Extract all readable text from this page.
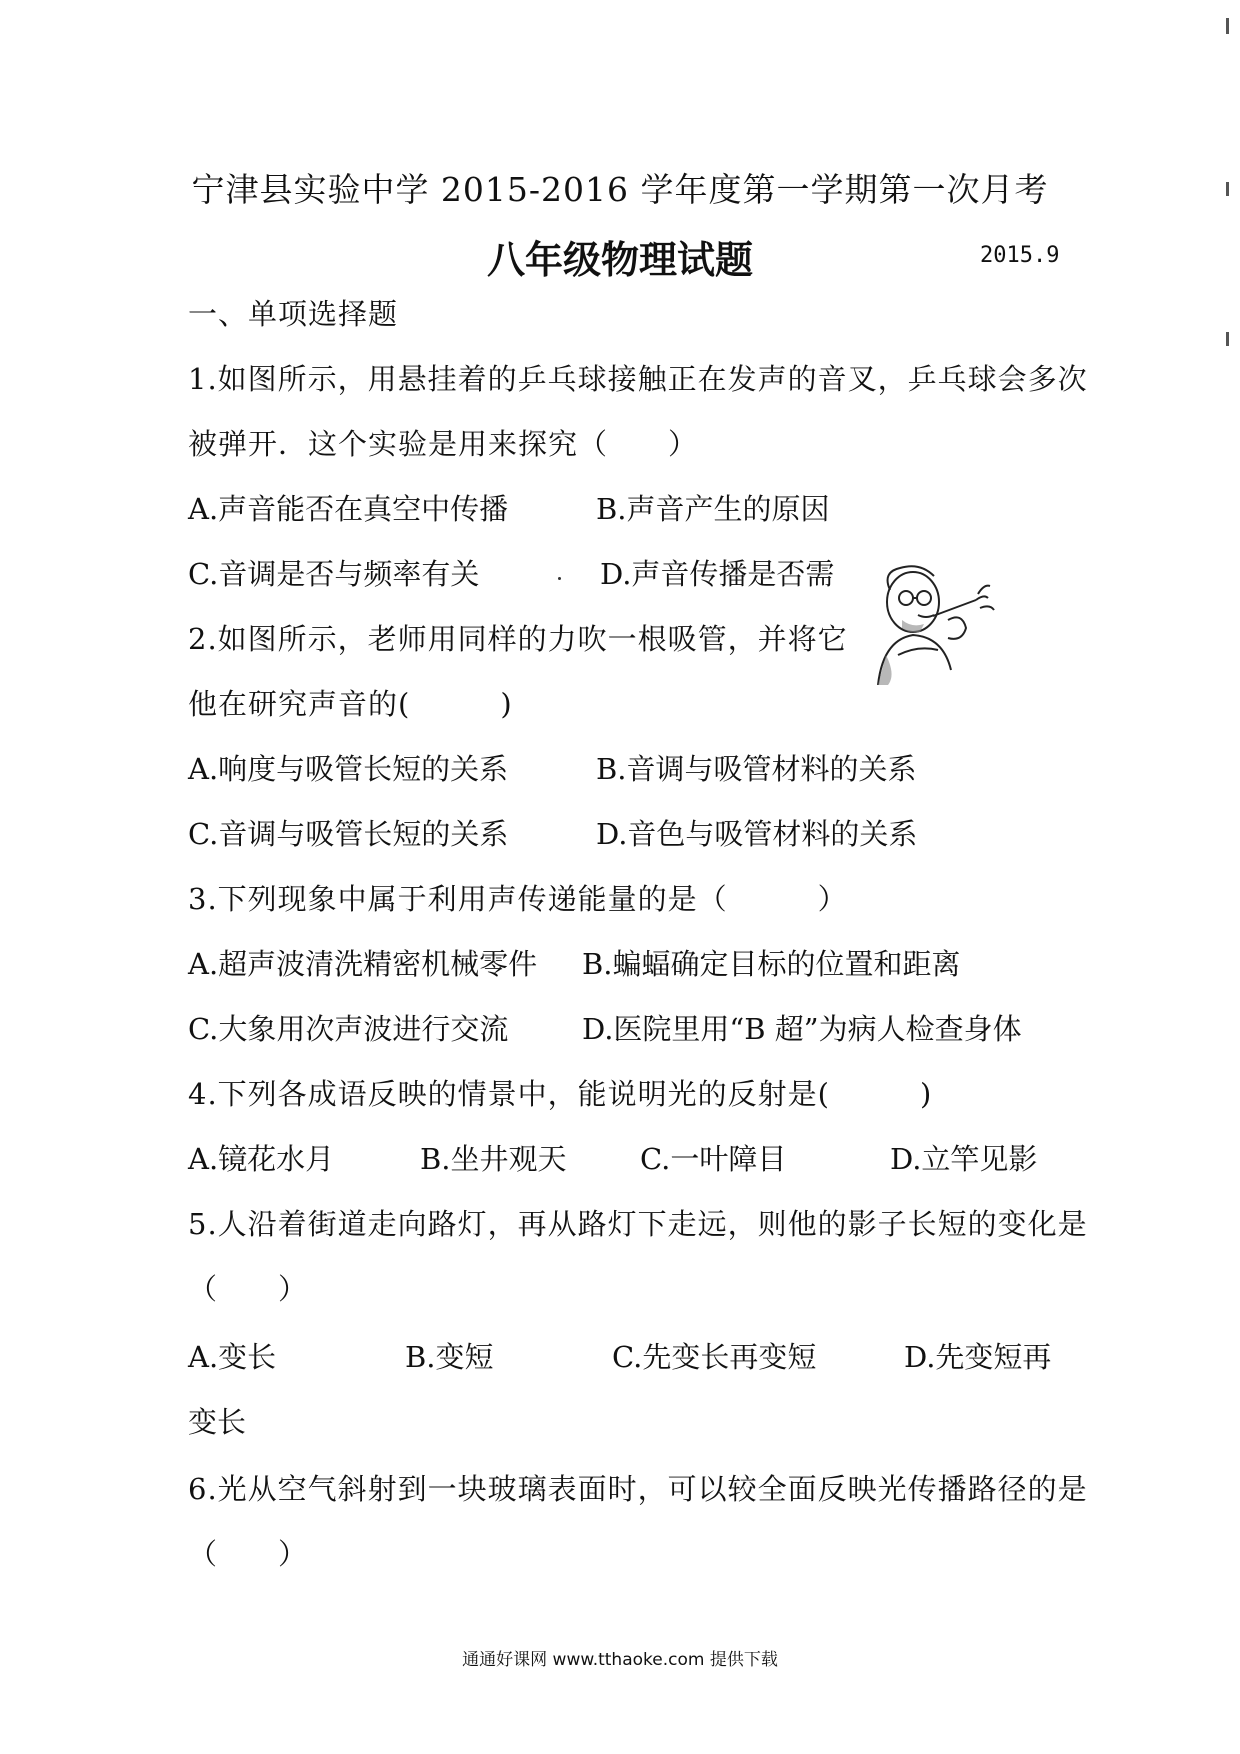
宁津县实验中学 2015-2016 学年度第一学期第一次月考
八年级物理试题	2015.9
一、单项选择题
1.如图所示，用悬挂着的乒乓球接触正在发声的音叉，乒乓球会多次
被弹开．这个实验是用来探究（　　）
A.声音能否在真空中传播	B.声音产生的原因
C.音调是否与频率有关	D.声音传播是否需
2.如图所示，老师用同样的力吹一根吸管，并将它
他在研究声音的(　　　)
A.响度与吸管长短的关系	B.音调与吸管材料的关系
C.音调与吸管长短的关系	D.音色与吸管材料的关系
3.下列现象中属于利用声传递能量的是（　　　）
A.超声波清洗精密机械零件 B.蝙蝠确定目标的位置和距离
C.大象用次声波进行交流	D.医院里用“B 超”为病人检查身体
4.下列各成语反映的情景中，能说明光的反射是(　　　)
A.镜花水月	B.坐井观天	C.一叶障目	D.立竿见影
5.人沿着街道走向路灯，再从路灯下走远，则他的影子长短的变化是
（　　）
A.变长	B.变短	C.先变长再变短	D.先变短再
变长
6.光从空气斜射到一块玻璃表面时，可以较全面反映光传播路径的是
（　　）
通通好课网 www.tthaoke.com 提供下载
